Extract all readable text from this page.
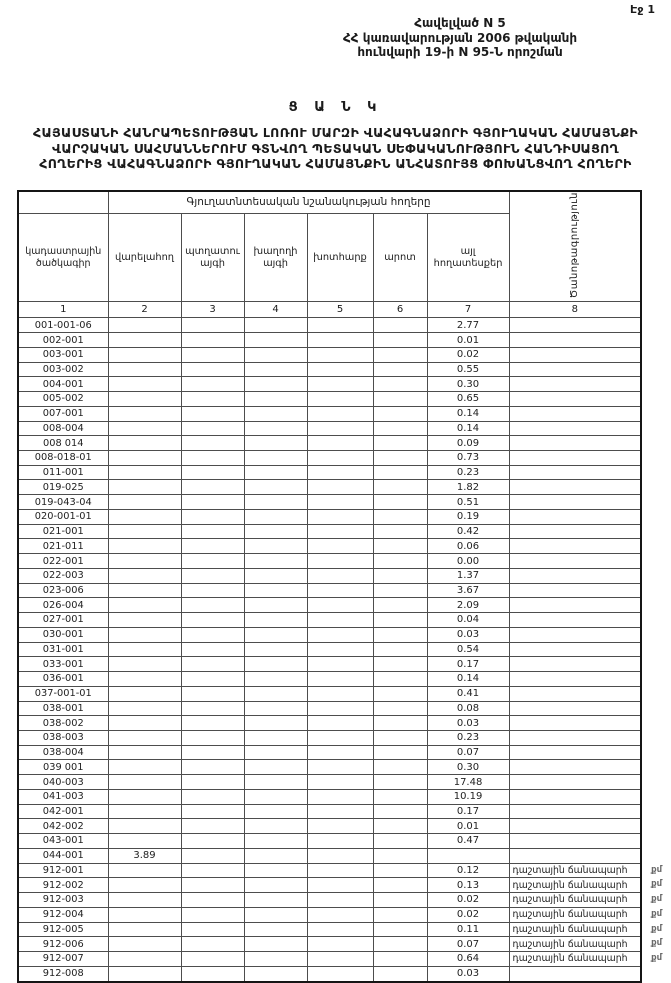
Էջ 1
Հավելված N 5
ՀՀ կառավարության 2006 թվականի
հունվարի 19-ի N 95-Ն որոշման
Ց Ա Ն Կ
ՀԱՅԱՍՏԱՆԻ ՀԱՆՐԱՊԵՏՈՒԹՅԱՆ ԼՈՌՈՒ ՄԱՐԶԻ ՎԱՀԱԳՆԱՁՈՐԻ ԳՅՈՒՂԱԿԱՆ ՀԱՄԱՅՆՔԻ
ՎԱՐՉԱԿԱՆ ՍԱՀՄԱՆՆԵՐՈՒՄ ԳՏՆՎՈՂ ՊԵՏԱԿԱՆ ՍԵՓԱԿԱՆՈՒԹՅՈՒՆ ՀԱՆԴԻՍԱՑՈՂ
ՀՈՂԵՐԻՑ ՎԱՀԱԳՆԱՁՈՐԻ ԳՅՈՒՂԱԿԱՆ ՀԱՄԱՅՆՔԻՆ ԱՆՀԱՏՈՒՅՑ ՓՈԽԱՆՑՎՈՂ ՀՈՂԵՐԻ
	Գյուղատնտեսական նշանակության հողերը						Ծանոթագրություն
կադաստրային ծածկագիր	վարելահող	պտղատու այգի	խաղողի այգի	խոտհարք	արոտ	այլ հողատեսքեր	
1	2	3	4	5	6	7	8
001-001-06						2.77	
002-001						0.01	
003-001						0.02	
003-002						0.55	
004-001						0.30	
005-002						0.65	
007-001						0.14	
008-004						0.14	
008 014						0.09	
008-018-01						0.73	
011-001						0.23	
019-025						1.82	
019-043-04						0.51	
020-001-01						0.19	
021-001						0.42	
021-011						0.06	
022-001						0.00	
022-003						1.37	
023-006						3.67	
026-004						2.09	
027-001						0.04	
030-001						0.03	
031-001						0.54	
033-001						0.17	
036-001						0.14	
037-001-01						0.41	
038-001						0.08	
038-002						0.03	
038-003						0.23	
038-004						0.07	
039 001						0.30	
040-003						17.48	
041-003						10.19	
042-001						0.17	
042-002						0.01	
043-001						0.47	
044-001	3.89						
912-001						0.12	դաշտային ճանապարհ քմ

912-002						0.13	դաշտային ճանապարհ քմ

912-003						0.02	դաշտային ճանապարհ քմ

912-004						0.02	դաշտային ճանապարհ քմ

912-005						0.11	դաշտային ճանապարհ քմ

912-006						0.07	դաշտային ճանապարհ քմ

912-007						0.64	դաշտային ճանապարհ քմ

912-008						0.03	
